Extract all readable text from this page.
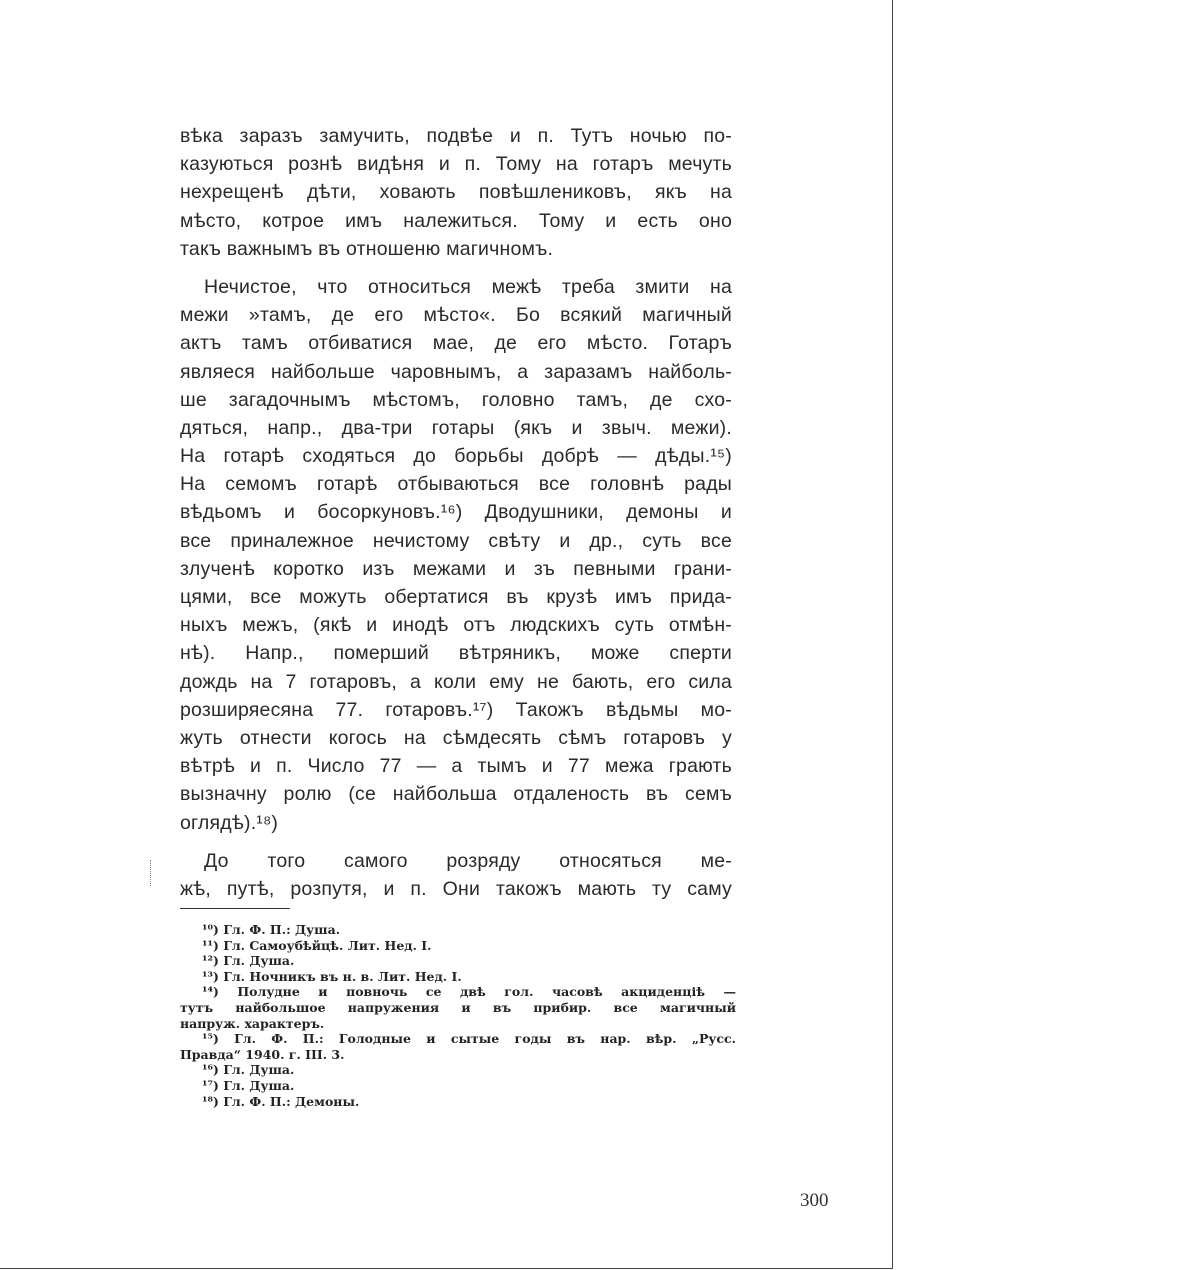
вѣка заразъ замучить, подвѣе и п. Тутъ ночью по-
казуються рознѣ видѣня и п. Тому на готаръ мечуть
нехрещенѣ дѣти, ховають повѣшлениковъ, якъ на
мѣсто, котрое имъ належиться. Тому и есть оно
такъ важнымъ въ отношеню магичномъ.
Нечистое, что относиться межѣ треба змити на
межи »тамъ, де его мѣсто«. Бо всякий магичный
актъ тамъ отбиватися мае, де его мѣсто. Готаръ
являеся найбольше чаровнымъ, а заразамъ найболь-
ше загадочнымъ мѣстомъ, головно тамъ, де схо-
дяться, напр., два-три готары (якъ и звыч. межи).
На готарѣ сходяться до борьбы добрѣ — дѣды.¹⁵)
На семомъ готарѣ отбываються все головнѣ рады
вѣдьомъ и босоркуновъ.¹⁶) Дводушники, демоны и
все приналежное нечистому свѣту и др., суть все
злученѣ коротко изъ межами и зъ певными грани-
цями, все можуть обертатися въ крузѣ имъ прида-
ныхъ межъ, (якѣ и инодѣ отъ людскихъ суть отмѣн-
нѣ). Напр., померший вѣтряникъ, може сперти
дождь на 7 готаровъ, а коли ему не бають, его сила
розширяесяна 77. готаровъ.¹⁷) Такожъ вѣдьмы мо-
жуть отнести когось на сѣмдесять сѣмъ готаровъ у
вѣтрѣ и п. Число 77 — а тымъ и 77 межа грають
вызначну ролю (се найбольша отдаленость въ семъ
оглядѣ).¹⁸)
До того самого розряду относяться ме-
жѣ, путѣ, розпутя, и п. Они такожъ мають ту саму
¹⁰) Гл. Ф. П.: Душа.
¹¹) Гл. Самоубѣйцѣ. Лит. Нед. I.
¹²) Гл. Душа.
¹³) Гл. Ночникъ въ н. в. Лит. Нед. I.
¹⁴) Полудне и повночь се двѣ гол. часовѣ акциденціѣ —
тутъ найбольшое напружения и въ прибир. все магичный
напруж. характеръ.
¹⁵) Гл. Ф. П.: Голодные и сытые годы въ нар. вѣр. „Русс.
Правда“ 1940. г. III. 3.
¹⁶) Гл. Душа.
¹⁷) Гл. Душа.
¹⁸) Гл. Ф. П.: Демоны.
300
